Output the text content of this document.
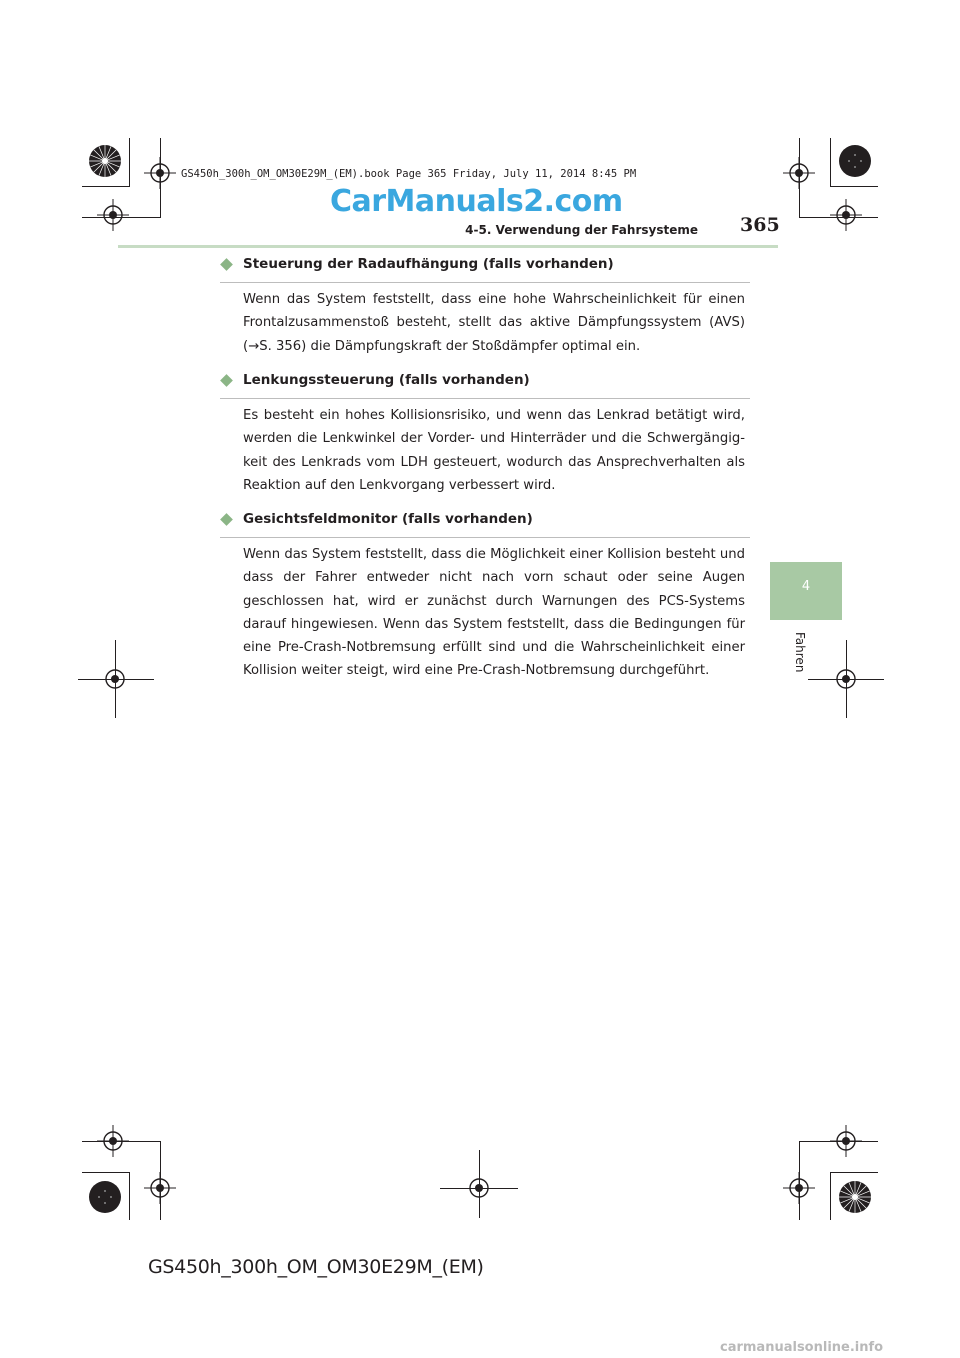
GS450h_300h_OM_OM30E29M_(EM).book Page 365 Friday, July 11, 2014 8:45 PM
CarManuals2.com
4-5. Verwendung der Fahrsysteme 365
4
Fahren
Steuerung der Radaufhängung (falls vorhanden)
Wenn das System feststellt, dass eine hohe Wahrscheinlichkeit für einen Frontalzusammenstoß besteht, stellt das aktive Dämpfungssystem (AVS) (→S. 356) die Dämpfungskraft der Stoßdämpfer optimal ein.
Lenkungssteuerung (falls vorhanden)
Es besteht ein hohes Kollisionsrisiko, und wenn das Lenkrad betätigt wird, werden die Lenkwinkel der Vorder- und Hinterräder und die Schwergängigkeit des Lenkrads vom LDH gesteuert, wodurch das Ansprechverhalten als Reaktion auf den Lenkvorgang verbessert wird.
Gesichtsfeldmonitor (falls vorhanden)
Wenn das System feststellt, dass die Möglichkeit einer Kollision besteht und dass der Fahrer entweder nicht nach vorn schaut oder seine Augen geschlossen hat, wird er zunächst durch Warnungen des PCS-Systems darauf hingewiesen. Wenn das System feststellt, dass die Bedingungen für eine Pre-Crash-Notbremsung erfüllt sind und die Wahrscheinlichkeit einer Kollision weiter steigt, wird eine Pre-Crash-Notbremsung durchgeführt.
GS450h_300h_OM_OM30E29M_(EM)
carmanualsonline.info
